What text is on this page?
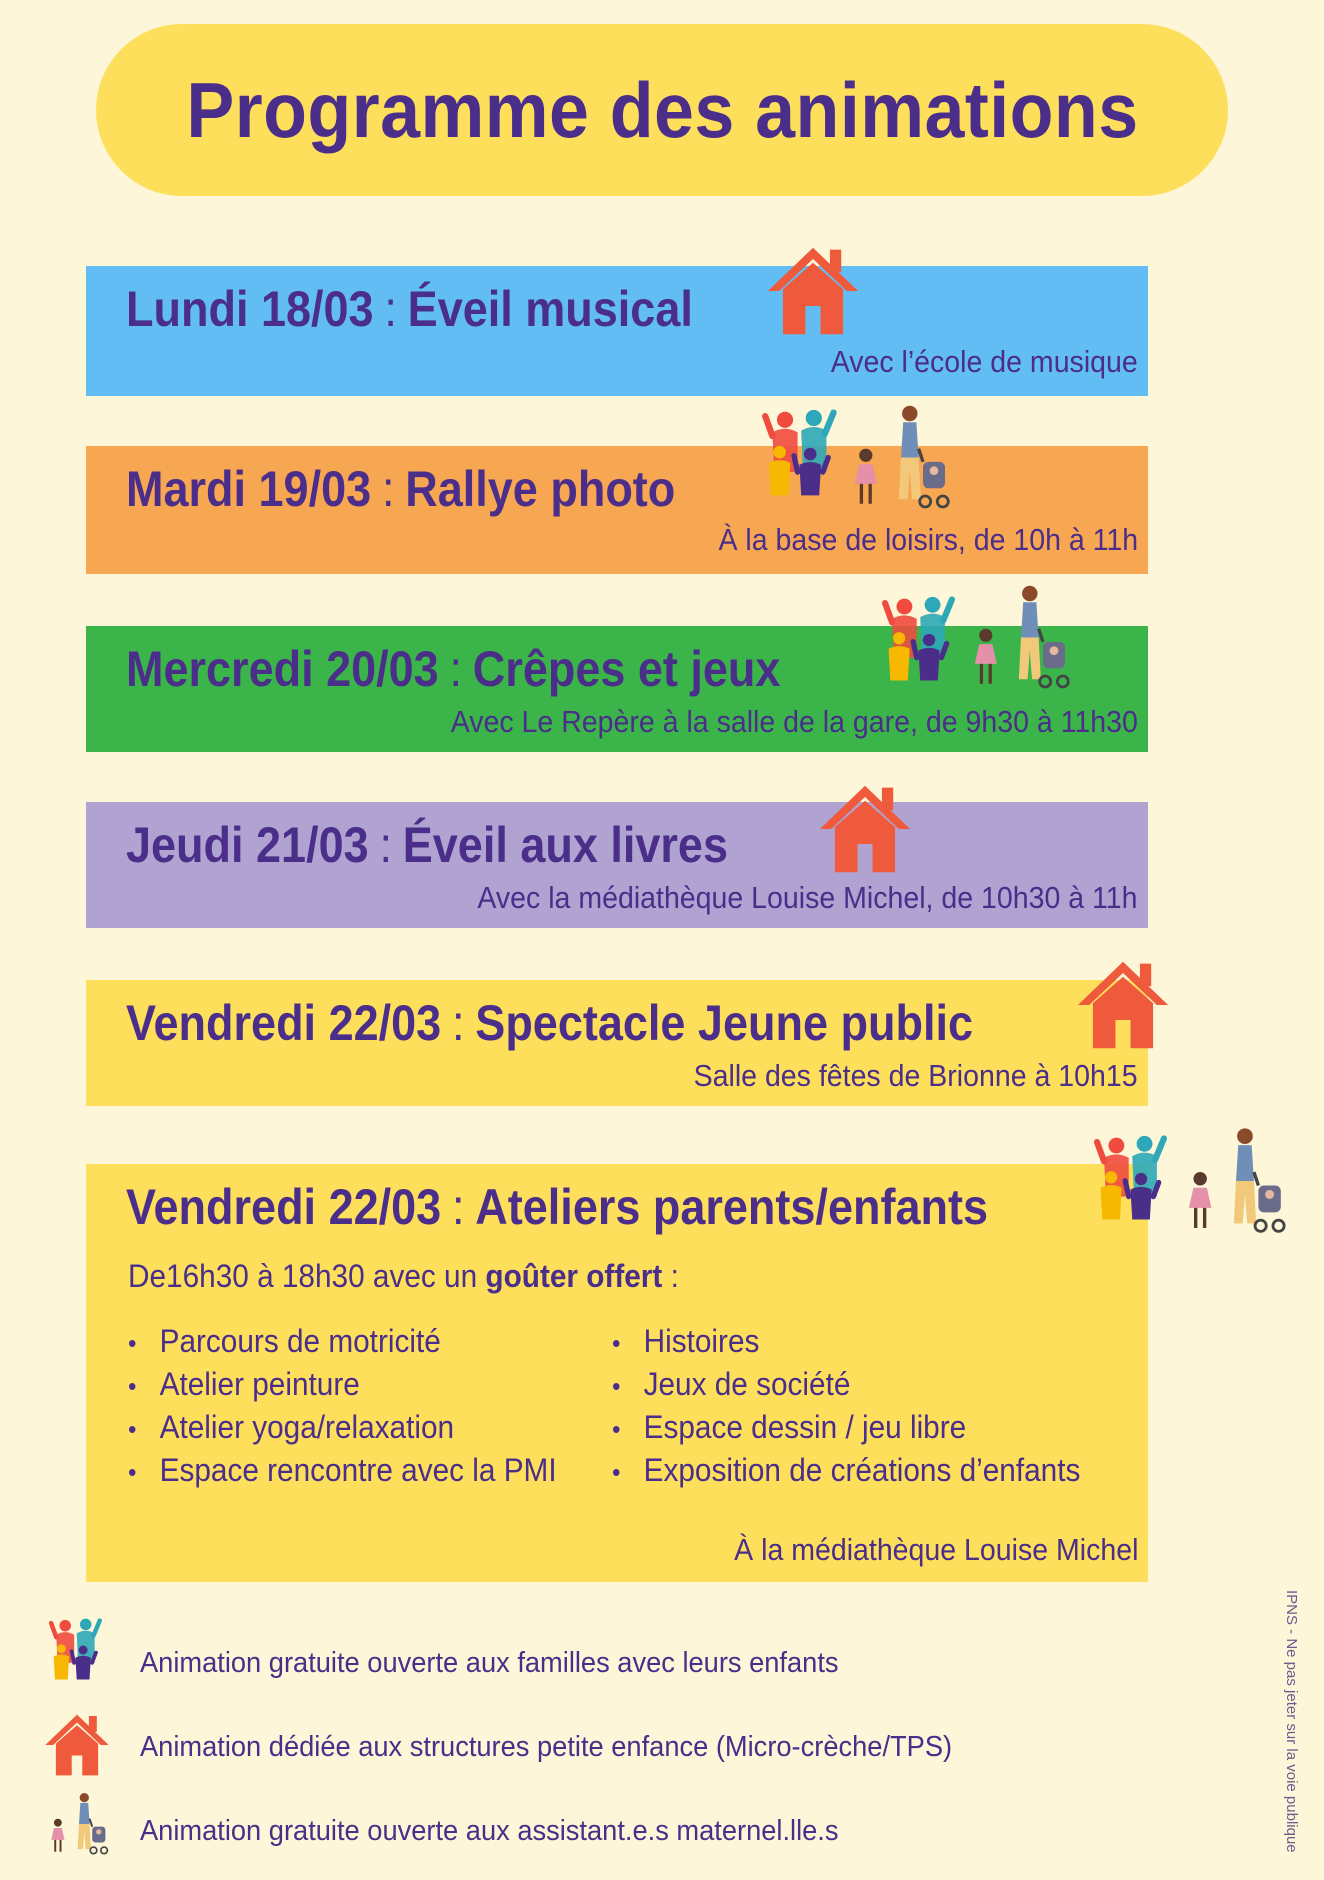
Programme des animations
Lundi 18/03 : Éveil musical
Avec l’école de musique
Mardi 19/03 : Rallye photo
À la base de loisirs, de 10h à 11h
Mercredi 20/03 : Crêpes et jeux
Avec Le Repère à la salle de la gare, de 9h30 à 11h30
Jeudi 21/03 : Éveil aux livres
Avec la médiathèque Louise Michel, de 10h30 à 11h
Vendredi 22/03 : Spectacle Jeune public
Salle des fêtes de Brionne à 10h15
Vendredi 22/03 : Ateliers parents/enfants
De16h30 à 18h30 avec un goûter offert :
• Parcours de motricité
• Atelier peinture
• Atelier yoga/relaxation
• Espace rencontre avec la PMI
• Histoires
• Jeux de société
• Espace dessin / jeu libre
• Exposition de créations d’enfants
À la médiathèque Louise Michel
Animation gratuite ouverte aux familles avec leurs enfants
Animation dédiée aux structures petite enfance (Micro-crèche/TPS)
Animation gratuite ouverte aux assistant.e.s maternel.lle.s	IPNS - Ne pas jeter sur la voie publique
